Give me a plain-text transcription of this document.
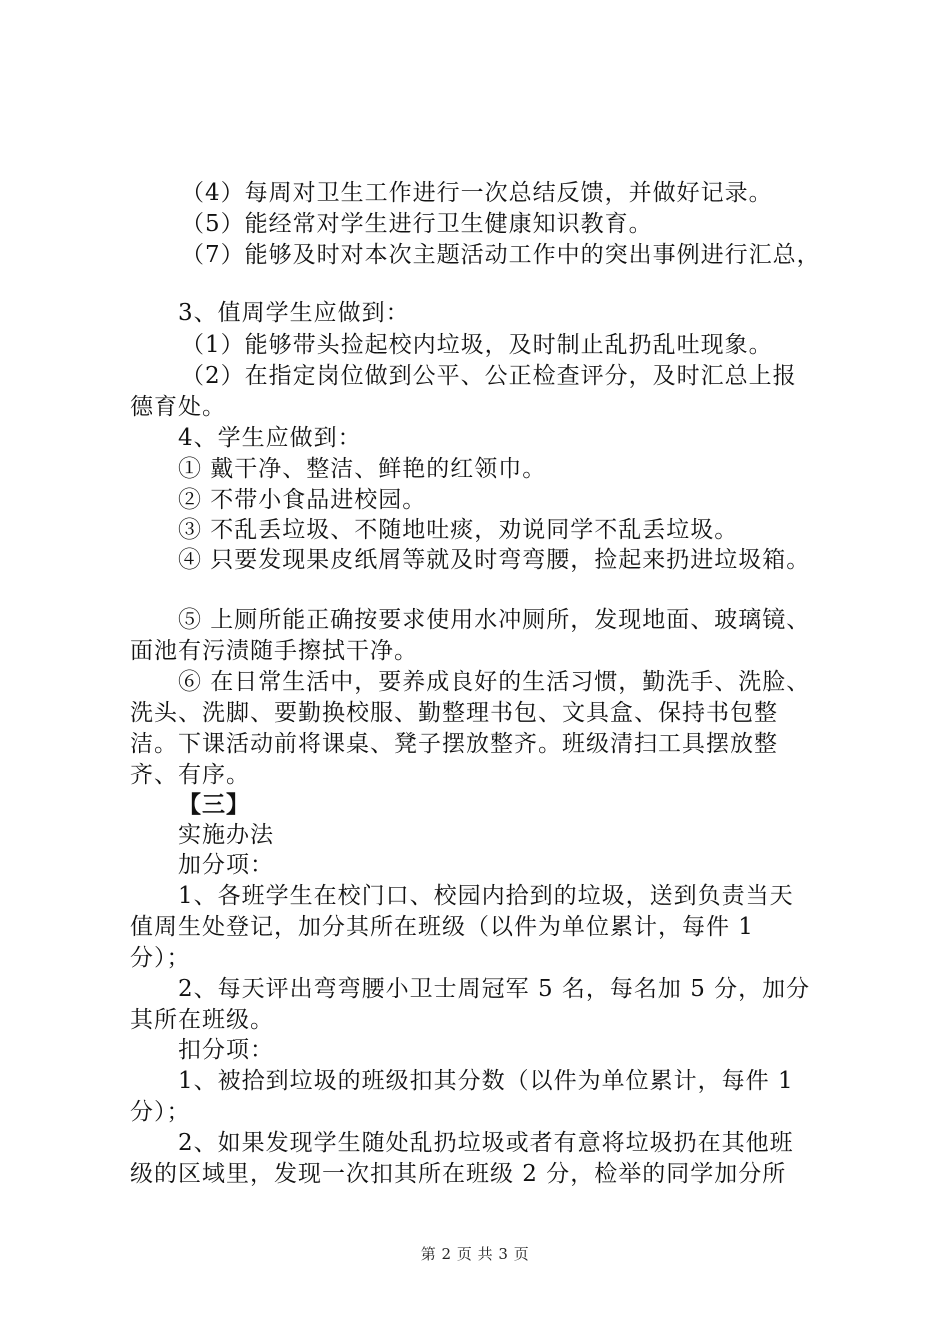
（4）每周对卫生工作进行一次总结反馈，并做好记录。
（5）能经常对学生进行卫生健康知识教育。
（7）能够及时对本次主题活动工作中的突出事例进行汇总，
3、值周学生应做到：
（1）能够带头捡起校内垃圾，及时制止乱扔乱吐现象。
（2）在指定岗位做到公平、公正检查评分，及时汇总上报
德育处。
4、学生应做到：
① 戴干净、整洁、鲜艳的红领巾。
② 不带小食品进校园。
③ 不乱丢垃圾、不随地吐痰，劝说同学不乱丢垃圾。
④ 只要发现果皮纸屑等就及时弯弯腰，捡起来扔进垃圾箱。
⑤ 上厕所能正确按要求使用水冲厕所，发现地面、玻璃镜、
面池有污渍随手擦拭干净。
⑥ 在日常生活中，要养成良好的生活习惯，勤洗手、洗脸、
洗头、洗脚、要勤换校服、勤整理书包、文具盒、保持书包整
洁。下课活动前将课桌、凳子摆放整齐。班级清扫工具摆放整
齐、有序。
【三】
实施办法
加分项：
1、各班学生在校门口、校园内拾到的垃圾，送到负责当天
值周生处登记，加分其所在班级（以件为单位累计，每件 1
分）；
2、每天评出弯弯腰小卫士周冠军 5 名，每名加 5 分，加分
其所在班级。
扣分项：
1、被拾到垃圾的班级扣其分数（以件为单位累计，每件 1
分）；
2、如果发现学生随处乱扔垃圾或者有意将垃圾扔在其他班
级的区域里，发现一次扣其所在班级 2 分，检举的同学加分所
第 2 页 共 3 页
